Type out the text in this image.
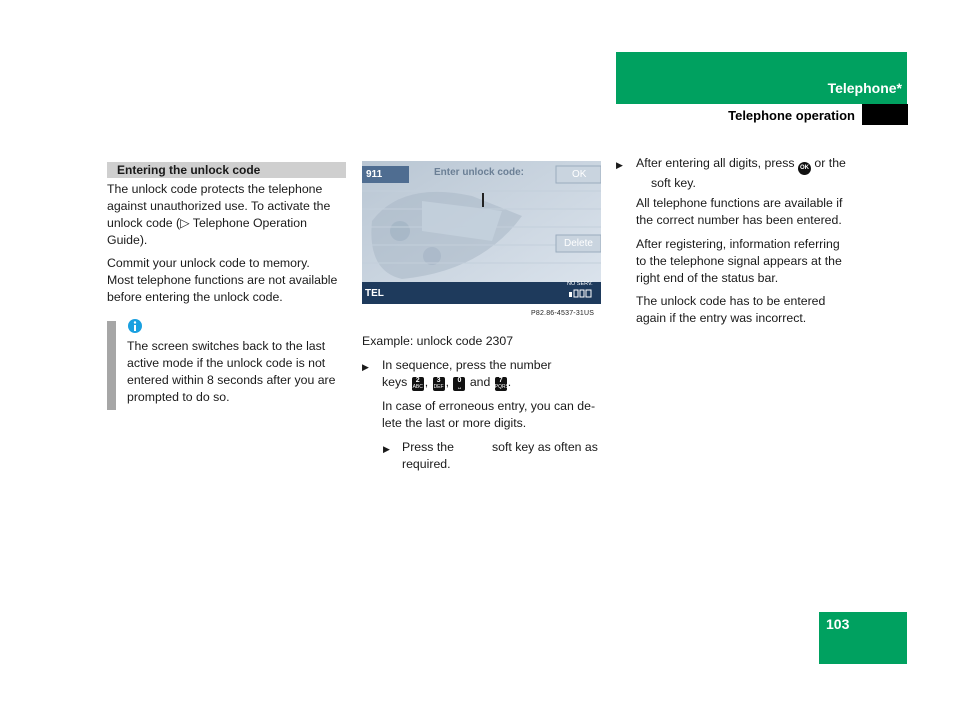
Telephone*
Telephone operation
Entering the unlock code
The unlock code protects the telephone
against unauthorized use. To activate the
unlock code (▷ Telephone Operation
Guide).
Commit your unlock code to memory.
Most telephone functions are not available
before entering the unlock code.
The screen switches back to the last
active mode if the unlock code is not
entered within 8 seconds after you are
prompted to do so.
911	Enter unlock code:	OK
Delete
TEL
NO SERV.
P82.86-4537-31US
Example: unlock code 2307
▶ In sequence, press the number
keys 2
ABC , 3
DEF , 0
␣ and 7
PQRS
.
In case of erroneous entry, you can de-
lete the last or more digits.
▶ Press the	soft key as often as
required.
▶ After entering all digits, press OK or the
soft key.
All telephone functions are available if
the correct number has been entered.
After registering, information referring
to the telephone signal appears at the
right end of the status bar.
The unlock code has to be entered
again if the entry was incorrect.
103
